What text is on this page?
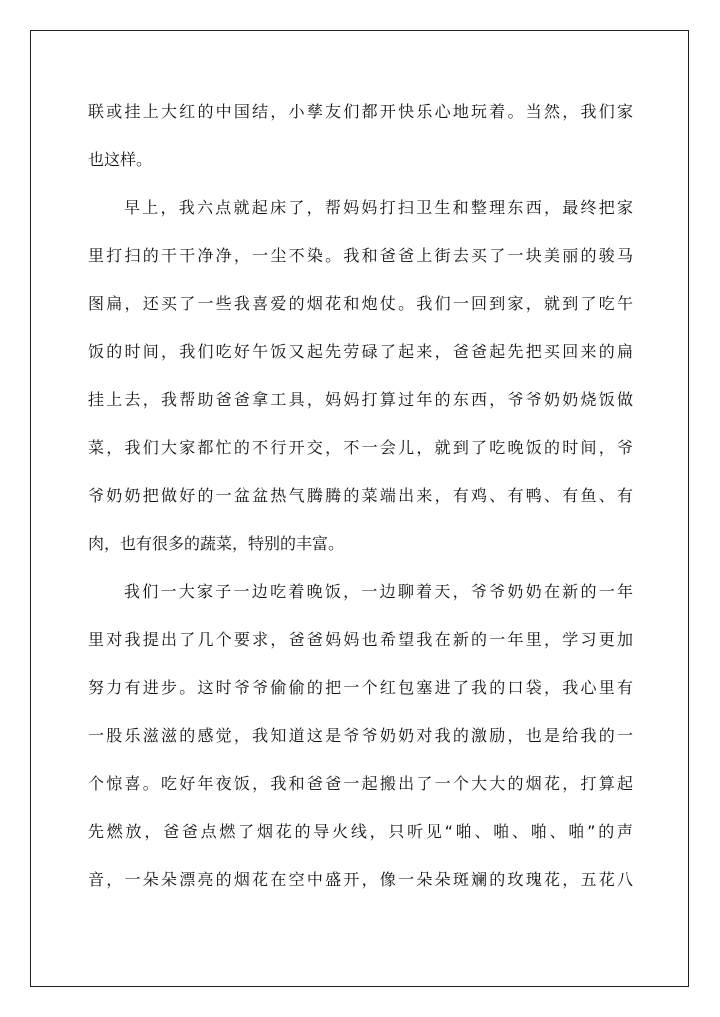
联或挂上大红的中国结，小孳友们都开快乐心地玩着。当然，我们家
也这样。
早上，我六点就起床了，帮妈妈打扫卫生和整理东西，最终把家
里打扫的干干净净，一尘不染。我和爸爸上街去买了一块美丽的骏马
图扁，还买了一些我喜爱的烟花和炮仗。我们一回到家，就到了吃午
饭的时间，我们吃好午饭又起先劳碌了起来，爸爸起先把买回来的扁
挂上去，我帮助爸爸拿工具，妈妈打算过年的东西，爷爷奶奶烧饭做
菜，我们大家都忙的不行开交，不一会儿，就到了吃晚饭的时间，爷
爷奶奶把做好的一盆盆热气腾腾的菜端出来，有鸡、有鸭、有鱼、有
肉，也有很多的蔬菜，特别的丰富。
我们一大家子一边吃着晚饭，一边聊着天，爷爷奶奶在新的一年
里对我提出了几个要求，爸爸妈妈也希望我在新的一年里，学习更加
努力有进步。这时爷爷偷偷的把一个红包塞进了我的口袋，我心里有
一股乐滋滋的感觉，我知道这是爷爷奶奶对我的激励，也是给我的一
个惊喜。吃好年夜饭，我和爸爸一起搬出了一个大大的烟花，打算起
先燃放，爸爸点燃了烟花的导火线，只听见“啪、啪、啪、啪”的声
音，一朵朵漂亮的烟花在空中盛开，像一朵朵斑斓的玫瑰花，五花八
